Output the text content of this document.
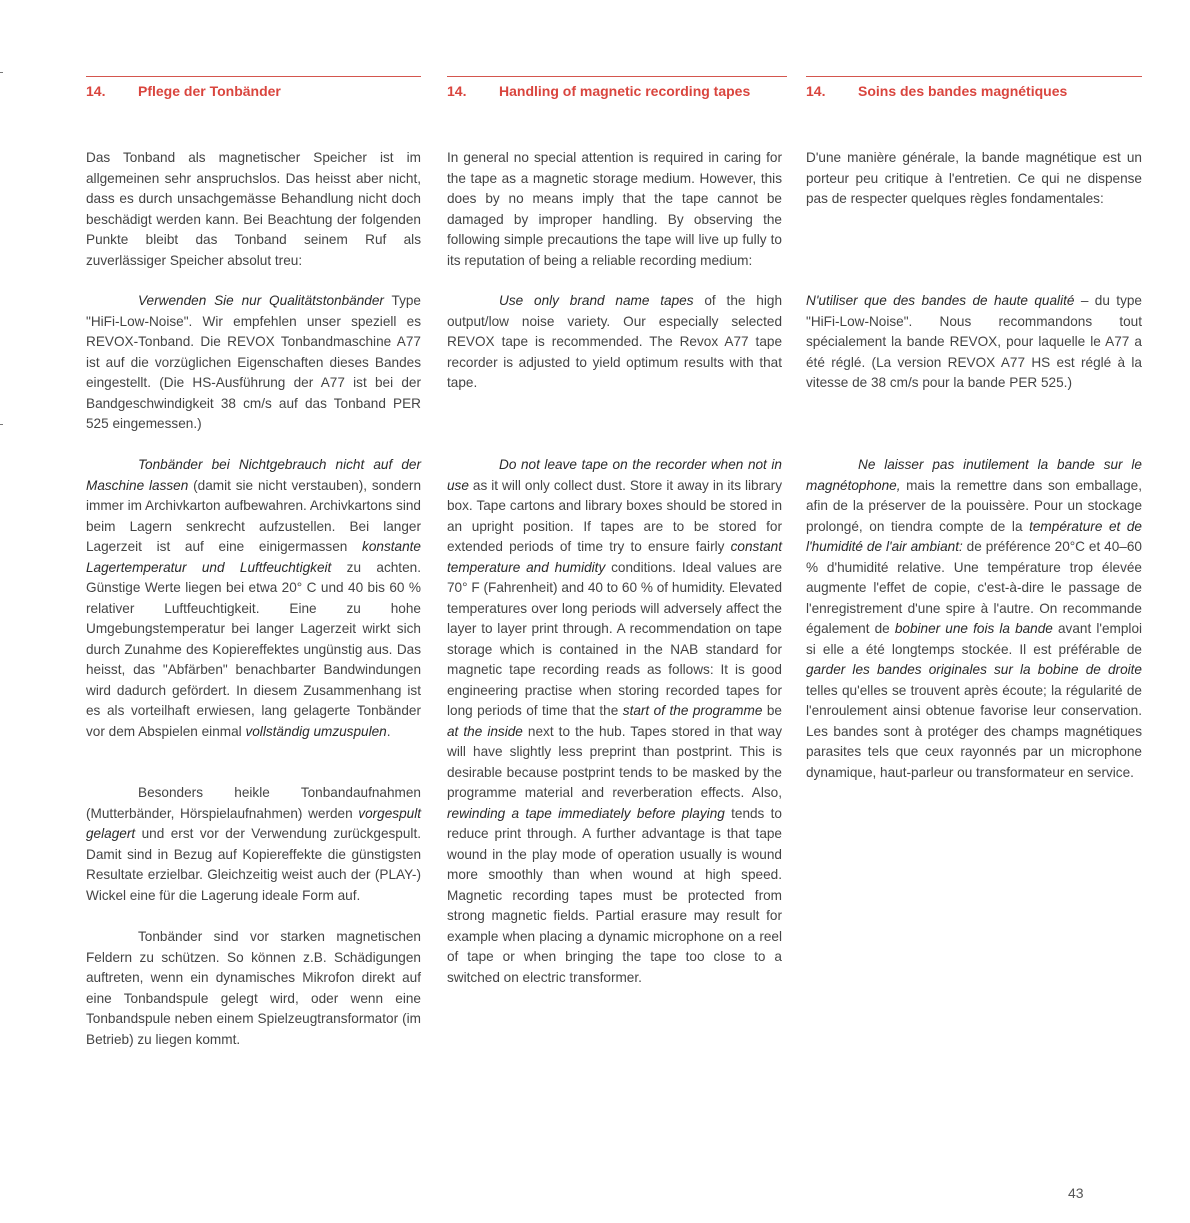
14. Pflege der Tonbänder

Das Tonband als magnetischer Speicher ist im allgemeinen sehr anspruchslos. Das heisst aber nicht, dass es durch unsachgemässe Behandlung nicht doch beschädigt werden kann. Bei Beachtung der folgenden Punkte bleibt das Tonband seinem Ruf als zuverlässiger Speicher absolut treu:

Verwenden Sie nur Qualitätstonbänder Type "HiFi-Low-Noise". Wir empfehlen unser speziell es REVOX-Tonband. Die REVOX Tonbandmaschine A77 ist auf die vorzüglichen Eigenschaften dieses Bandes eingestellt. (Die HS-Ausführung der A77 ist bei der Bandgeschwindigkeit 38 cm/s auf das Tonband PER 525 eingemessen.)

Tonbänder bei Nichtgebrauch nicht auf der Maschine lassen (damit sie nicht verstauben), sondern immer im Archivkarton aufbewahren. Archivkartons sind beim Lagern senkrecht aufzustellen. Bei langer Lagerzeit ist auf eine einigermassen konstante Lagertemperatur und Luftfeuchtigkeit zu achten. Günstige Werte liegen bei etwa 20° C und 40 bis 60 % relativer Luftfeuchtigkeit. Eine zu hohe Umgebungstemperatur bei langer Lagerzeit wirkt sich durch Zunahme des Kopiereffektes ungünstig aus. Das heisst, das "Abfärben" benachbarter Bandwindungen wird dadurch gefördert. In diesem Zusammenhang ist es als vorteilhaft erwiesen, lang gelagerte Tonbänder vor dem Abspielen einmal vollständig umzuspulen.

Besonders heikle Tonbandaufnahmen (Mutterbänder, Hörspielaufnahmen) werden vorgespult gelagert und erst vor der Verwendung zurückgespult. Damit sind in Bezug auf Kopiereffekte die günstigsten Resultate erzielbar. Gleichzeitig weist auch der (PLAY-) Wickel eine für die Lagerung ideale Form auf.

Tonbänder sind vor starken magnetischen Feldern zu schützen. So können z.B. Schädigungen auftreten, wenn ein dynamisches Mikrofon direkt auf eine Tonbandspule gelegt wird, oder wenn eine Tonbandspule neben einem Spielzeugtransformator (im Betrieb) zu liegen kommt.

14. Handling of magnetic recording tapes

In general no special attention is required in caring for the tape as a magnetic storage medium. However, this does by no means imply that the tape cannot be damaged by improper handling. By observing the following simple precautions the tape will live up fully to its reputation of being a reliable recording medium:

Use only brand name tapes of the high output/low noise variety. Our especially selected REVOX tape is recommended. The Revox A77 tape recorder is adjusted to yield optimum results with that tape.

Do not leave tape on the recorder when not in use as it will only collect dust. Store it away in its library box. Tape cartons and library boxes should be stored in an upright position. If tapes are to be stored for extended periods of time try to ensure fairly constant temperature and humidity conditions. Ideal values are 70° F (Fahrenheit) and 40 to 60 % of humidity. Elevated temperatures over long periods will adversely affect the layer to layer print through. A recommendation on tape storage which is contained in the NAB standard for magnetic tape recording reads as follows: It is good engineering practise when storing recorded tapes for long periods of time that the start of the programme be at the inside next to the hub. Tapes stored in that way will have slightly less preprint than postprint. This is desirable because postprint tends to be masked by the programme material and reverberation effects. Also, rewinding a tape immediately before playing tends to reduce print through. A further advantage is that tape wound in the play mode of operation usually is wound more smoothly than when wound at high speed. Magnetic recording tapes must be protected from strong magnetic fields. Partial erasure may result for example when placing a dynamic microphone on a reel of tape or when bringing the tape too close to a switched on electric transformer.

14. Soins des bandes magnétiques

D'une manière générale, la bande magnétique est un porteur peu critique à l'entretien. Ce qui ne dispense pas de respecter quelques règles fondamentales:

N'utiliser que des bandes de haute qualité – du type "HiFi-Low-Noise". Nous recommandons tout spécialement la bande REVOX, pour laquelle le A77 a été réglé. (La version REVOX A77 HS est réglé à la vitesse de 38 cm/s pour la bande PER 525.)

Ne laisser pas inutilement la bande sur le magnétophone, mais la remettre dans son emballage, afin de la préserver de la pouissère. Pour un stockage prolongé, on tiendra compte de la température et de l'humidité de l'air ambiant: de préférence 20°C et 40–60 % d'humidité relative. Une température trop élevée augmente l'effet de copie, c'est-à-dire le passage de l'enregistrement d'une spire à l'autre. On recommande également de bobiner une fois la bande avant l'emploi si elle a été longtemps stockée. Il est préférable de garder les bandes originales sur la bobine de droite telles qu'elles se trouvent après écoute; la régularité de l'enroulement ainsi obtenue favorise leur conservation. Les bandes sont à protéger des champs magnétiques parasites tels que ceux rayonnés par un microphone dynamique, haut-parleur ou transformateur en service.

43
